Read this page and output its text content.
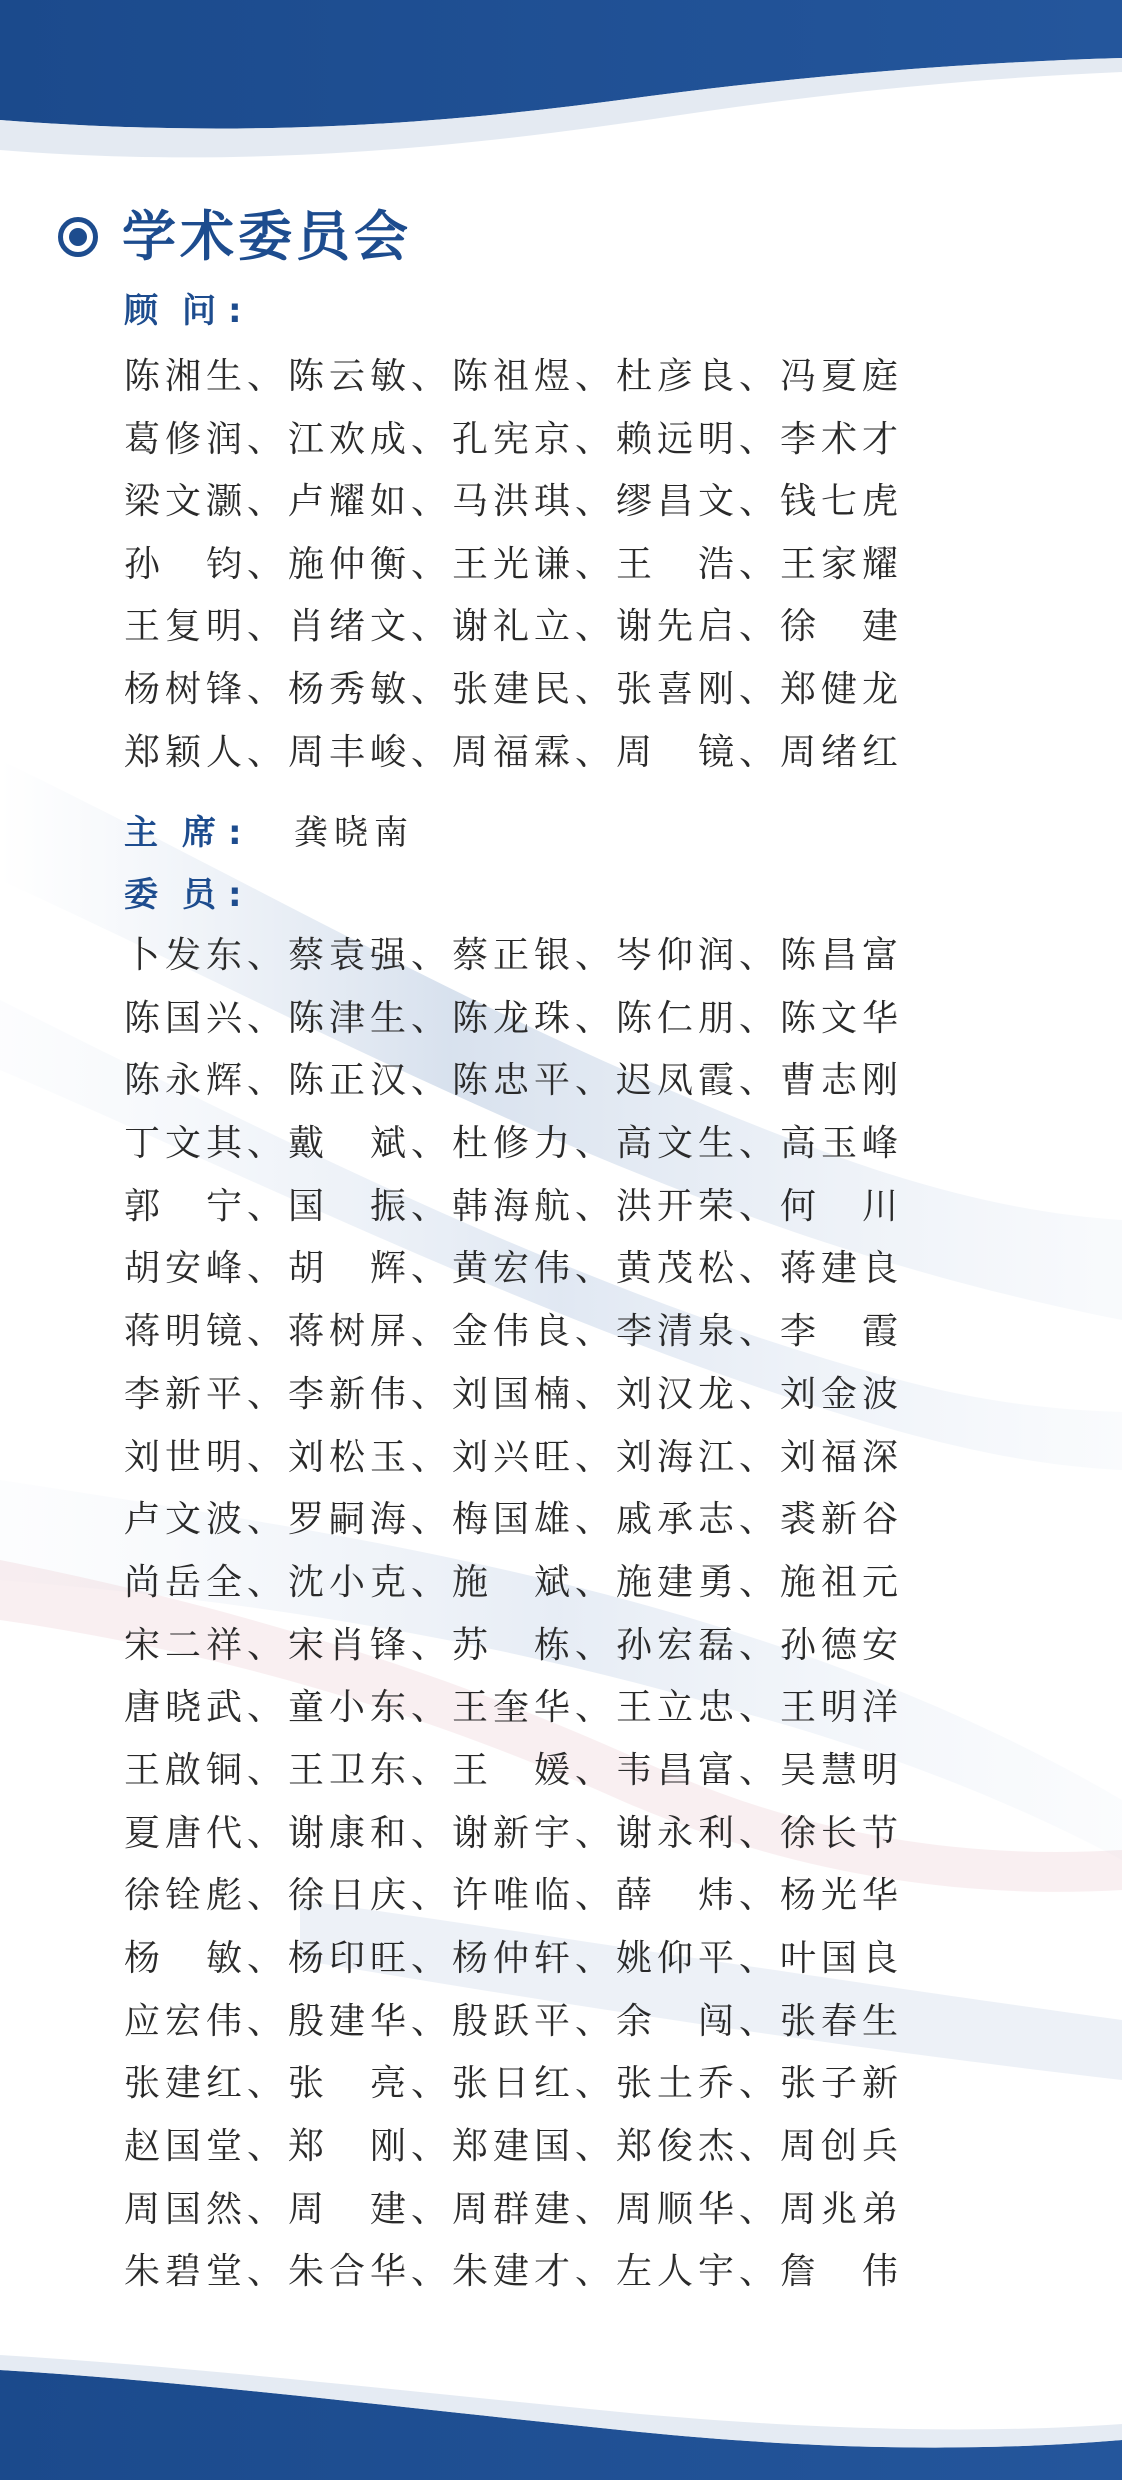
学术委员会
顾 问 :
陈湘生、陈云敏、陈祖煜、杜彦良、冯夏庭
葛修润、江欢成、孔宪京、赖远明、李术才
梁文灏、卢耀如、马洪琪、缪昌文、钱七虎
孙　钧、施仲衡、王光谦、王　浩、王家耀
王复明、肖绪文、谢礼立、谢先启、徐　建
杨树锋、杨秀敏、张建民、张喜刚、郑健龙
郑颖人、周丰峻、周福霖、周　镜、周绪红
主 席 : 龚晓南
委 员 :
卜发东、蔡袁强、蔡正银、岑仰润、陈昌富
陈国兴、陈津生、陈龙珠、陈仁朋、陈文华
陈永辉、陈正汉、陈忠平、迟凤霞、曹志刚
丁文其、戴　斌、杜修力、高文生、高玉峰
郭　宁、国　振、韩海航、洪开荣、何　川
胡安峰、胡　辉、黄宏伟、黄茂松、蒋建良
蒋明镜、蒋树屏、金伟良、李清泉、李　霞
李新平、李新伟、刘国楠、刘汉龙、刘金波
刘世明、刘松玉、刘兴旺、刘海江、刘福深
卢文波、罗嗣海、梅国雄、戚承志、裘新谷
尚岳全、沈小克、施　斌、施建勇、施祖元
宋二祥、宋肖锋、苏　栋、孙宏磊、孙德安
唐晓武、童小东、王奎华、王立忠、王明洋
王啟铜、王卫东、王　媛、韦昌富、吴慧明
夏唐代、谢康和、谢新宇、谢永利、徐长节
徐铨彪、徐日庆、许唯临、薛　炜、杨光华
杨　敏、杨印旺、杨仲轩、姚仰平、叶国良
应宏伟、殷建华、殷跃平、余　闯、张春生
张建红、张　亮、张日红、张土乔、张子新
赵国堂、郑　刚、郑建国、郑俊杰、周创兵
周国然、周　建、周群建、周顺华、周兆弟
朱碧堂、朱合华、朱建才、左人宇、詹　伟
